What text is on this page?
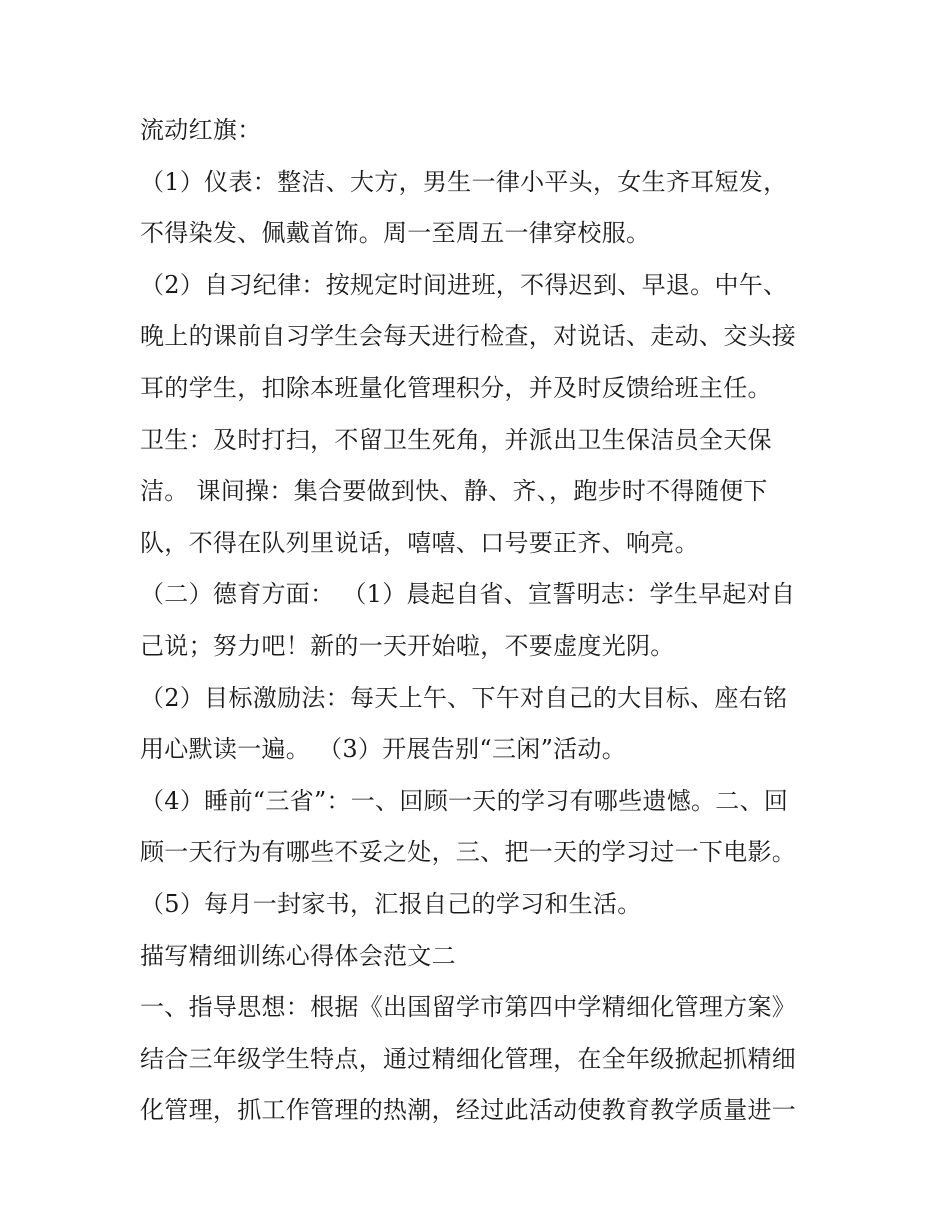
流动红旗：
（1）仪表：整洁、大方，男生一律小平头，女生齐耳短发，
不得染发、佩戴首饰。周一至周五一律穿校服。
（2）自习纪律：按规定时间进班，不得迟到、早退。中午、
晚上的课前自习学生会每天进行检查，对说话、走动、交头接
耳的学生，扣除本班量化管理积分，并及时反馈给班主任。
卫生：及时打扫，不留卫生死角，并派出卫生保洁员全天保
洁。 课间操：集合要做到快、静、齐、，跑步时不得随便下
队，不得在队列里说话，嘻嘻、口号要正齐、响亮。
（二）德育方面： （1）晨起自省、宣誓明志：学生早起对自
己说；努力吧！新的一天开始啦，不要虚度光阴。
（2）目标激励法：每天上午、下午对自己的大目标、座右铭
用心默读一遍。 （3）开展告别“三闲”活动。
（4）睡前“三省”：一、回顾一天的学习有哪些遗憾。二、回
顾一天行为有哪些不妥之处，三、把一天的学习过一下电影。
（5）每月一封家书，汇报自己的学习和生活。
描写精细训练心得体会范文二
一、指导思想：根据《出国留学市第四中学精细化管理方案》
结合三年级学生特点，通过精细化管理，在全年级掀起抓精细
化管理，抓工作管理的热潮，经过此活动使教育教学质量进一
